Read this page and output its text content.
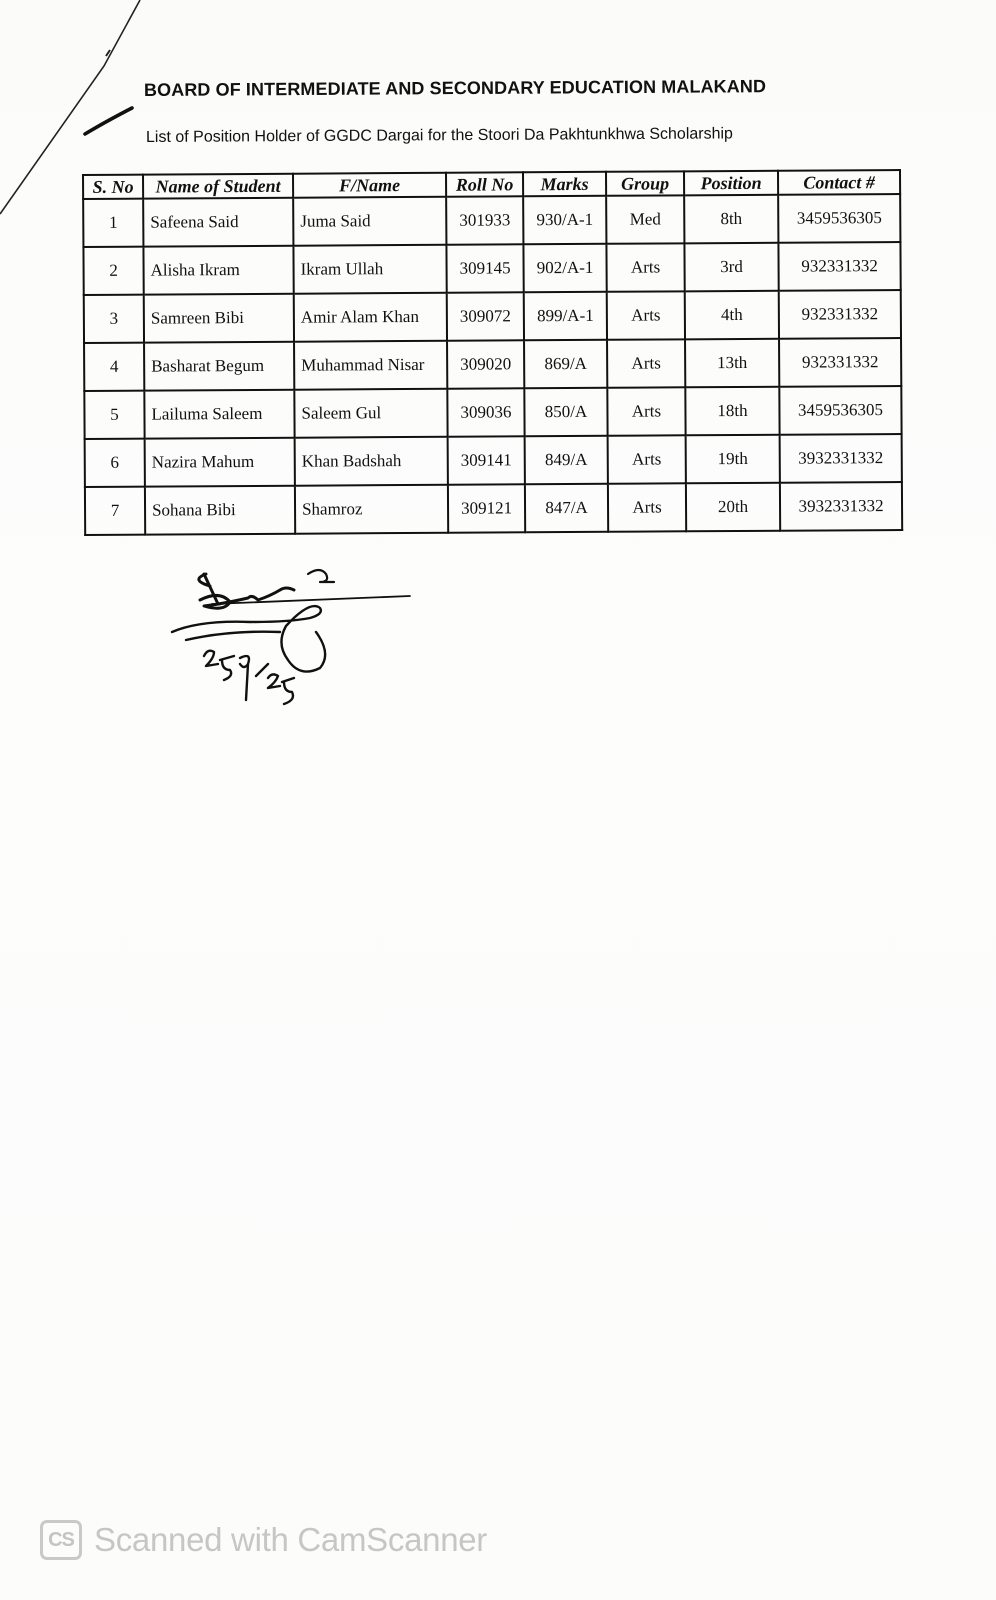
BOARD OF INTERMEDIATE AND SECONDARY EDUCATION MALAKAND
List of Position Holder of GGDC Dargai for the Stoori Da Pakhtunkhwa Scholarship
S. No	Name of Student	F/Name	Roll No	Marks	Group	Position	Contact #
1	Safeena Said	Juma Said	301933	930/A-1	Med	8th	3459536305
2	Alisha Ikram	Ikram Ullah	309145	902/A-1	Arts	3rd	932331332
3	Samreen Bibi	Amir Alam Khan	309072	899/A-1	Arts	4th	932331332
4	Basharat Begum	Muhammad Nisar	309020	869/A	Arts	13th	932331332
5	Lailuma Saleem	Saleem Gul	309036	850/A	Arts	18th	3459536305
6	Nazira Mahum	Khan Badshah	309141	849/A	Arts	19th	3932331332
7	Sohana Bibi	Shamroz	309121	847/A	Arts	20th	3932331332
25/9/25
CS Scanned with CamScanner
